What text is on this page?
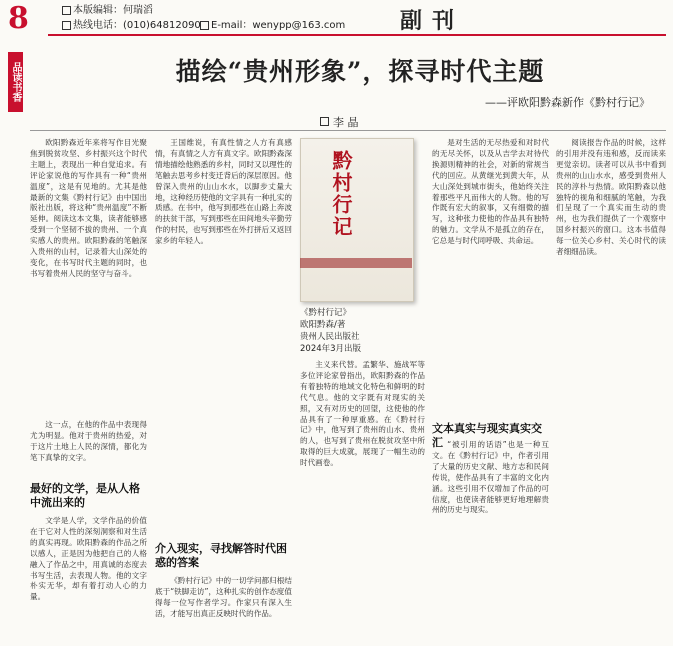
8	本版编辑：何瑞滔
热线电话：(010)64812090	E-mail：wenypp@163.com 副刊
品读书香	描绘“贵州形象”，探寻时代主题
——评欧阳黔森新作《黔村行记》
李 晶

欧阳黔森近年来将写作目光聚焦到脱贫攻坚、乡村振兴这个时代主题上，表现出一种自觉追求。有评论家说他的写作具有一种“贵州温度”，这是有见地的。尤其是他最新的文集《黔村行记》由中国出版社出版，将这种“贵州温度”不断延伸。阅读这本文集，读者能够感受到一个坚韧不拔的贵州、一个真实感人的贵州。欧阳黔森的笔触深入贵州的山村，记录着大山深处的变化，在书写时代主题的同时，也书写着贵州人民的坚守与奋斗。

这一点，在他的作品中表现得尤为明显。他对于贵州的热爱，对于这片土地上人民的深情，都化为笔下真挚的文字。

最好的文学，是从人格中流出来的

文学是人学，文学作品的价值在于它对人性的深刻洞察和对生活的真实再现。欧阳黔森的作品之所以感人，正是因为他把自己的人格融入了作品之中，用真诚的态度去书写生活，去表现人物。他的文字朴实无华，却有着打动人心的力量。

王国维说，有真性情之人方有真感情，有真情之人方有真文字。欧阳黔森深情地描绘他熟悉的乡村，同时又以理性的笔触去思考乡村变迁背后的深层原因。他曾深入贵州的山山水水，以脚步丈量大地，这种经历使他的文字具有一种扎实的质感。在书中，他写到那些在山路上奔波的扶贫干部，写到那些在田间地头辛勤劳作的村民，也写到那些在外打拼后又返回家乡的年轻人。

介入现实，寻找解答时代困惑的答案

《黔村行记》中的一切学问都归根结底于“铁脚走访”，这种扎实的创作态度值得每一位写作者学习。作家只有深入生活，才能写出真正反映时代的作品。

黔村行记
《黔村行记》
欧阳黔森/著
贵州人民出版社
2024年3月出版

主义来代替。孟繁华、施战军等多位评论家曾指出，欧阳黔森的作品有着独特的地域文化特色和鲜明的时代气息。他的文字既有对现实的关照，又有对历史的回望，这使他的作品具有了一种厚重感。在《黔村行记》中，他写到了贵州的山水、贵州的人，也写到了贵州在脱贫攻坚中所取得的巨大成就，展现了一幅生动的时代画卷。

是对生活的无尽热爱和对时代的无尽关怀，以及从吉学去对待代换源则精神的社会，对新的常规当代的回应。从黄继光到黄大年，从大山深处到城市街头，他始终关注着那些平凡而伟大的人物。他的写作既有宏大的叙事，又有细微的描写，这种张力使他的作品具有独特的魅力。文学从不是孤立的存在，它总是与时代同呼吸、共命运。

文本真实与现实真实交汇 “被引用的话语”也是一种互文。在《黔村行记》中，作者引用了大量的历史文献、地方志和民间传说，使作品具有了丰富的文化内涵。这些引用不仅增加了作品的可信度，也使读者能够更好地理解贵州的历史与现实。

阅读报告作品的时候，这样的引用并没有违和感，反而读来更觉亲切。读者可以从书中看到贵州的山山水水，感受到贵州人民的淳朴与热情。欧阳黔森以他独特的视角和细腻的笔触，为我们呈现了一个真实而生动的贵州，也为我们提供了一个观察中国乡村振兴的窗口。这本书值得每一位关心乡村、关心时代的读者细细品读。
